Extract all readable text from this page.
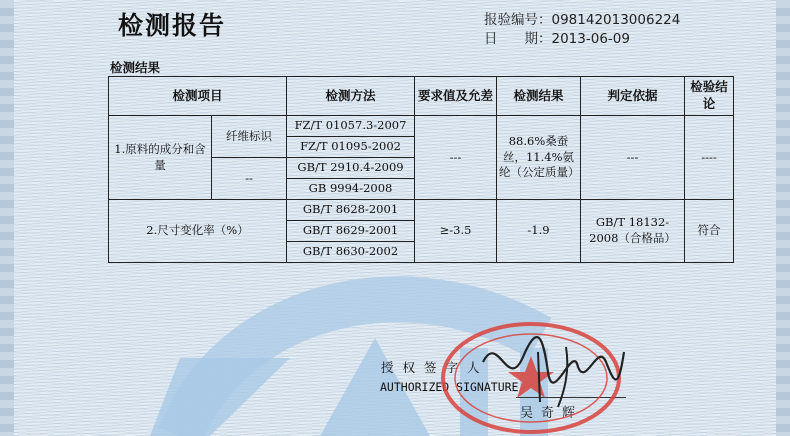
检测报告	报验编号：098142013006224
日　　期：2013-06-09
检测结果
检测项目		检测方法	要求值及允差	检测结果	判定依据	检验结论
1.原料的成分和含量	纤维标识	FZ/T 01057.3-2007	---	88.6%桑蚕丝，11.4%氨纶（公定质量）	---	----
		FZ/T 01095-2002				
	--	GB/T 2910.4-2009				
		GB 9994-2008				
2.尺寸变化率（%）		GB/T 8628-2001	≥-3.5	-1.9	GB/T 18132-2008（合格品）	符合
		GB/T 8629-2001				
		GB/T 8630-2002				
授权签字人
AUTHORIZED SIGNATURE
吴奇辉
